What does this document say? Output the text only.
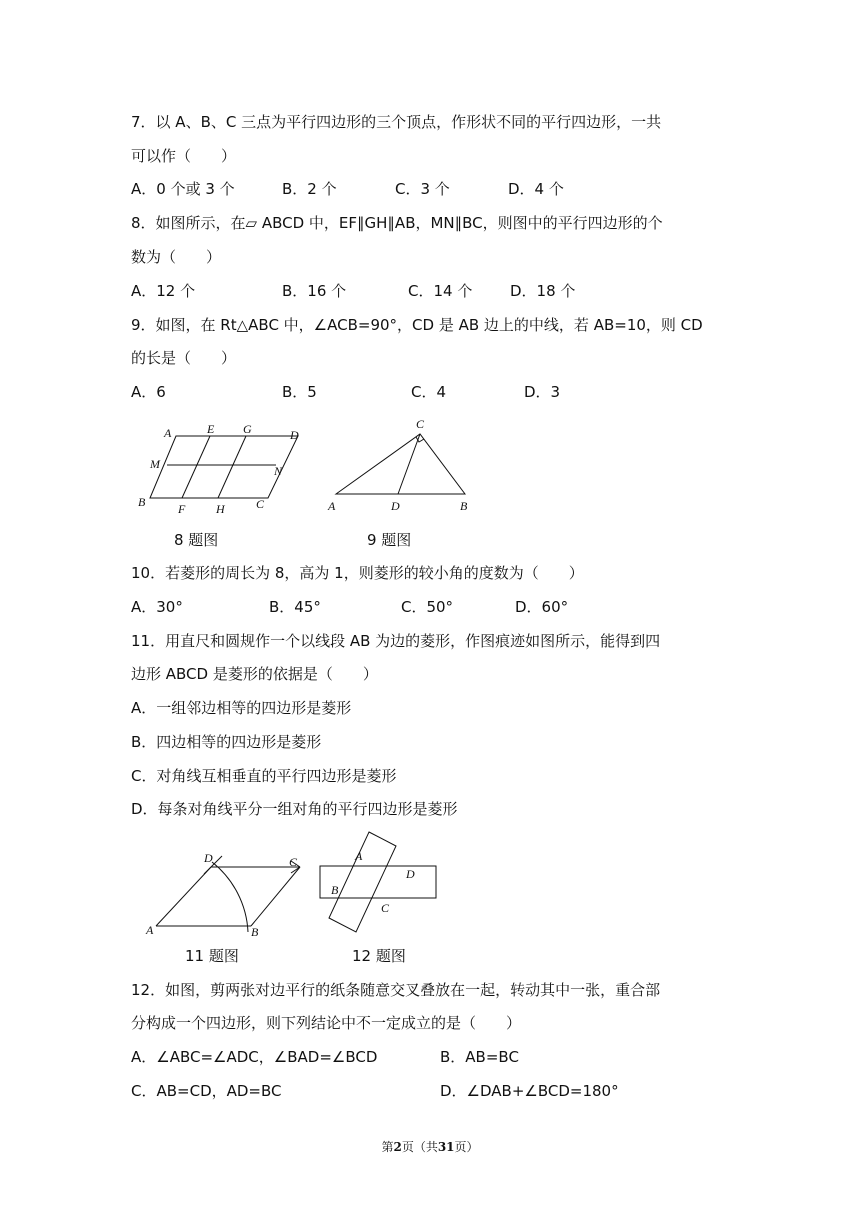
7．以 A、B、C 三点为平行四边形的三个顶点，作形状不同的平行四边形，一共
可以作（　　）
A．0 个或 3 个	B．2 个	C．3 个	D．4 个
8．如图所示，在▱ ABCD 中，EF∥GH∥AB，MN∥BC，则图中的平行四边形的个
数为（　　）
A．12 个	B．16 个	C．14 个	D．18 个
9．如图，在 Rt△ABC 中，∠ACB=90°，CD 是 AB 边上的中线，若 AB=10，则 CD
的长是（　　）
A．6	B．5	C．4	D．3
A	E G	D
M	N
B	F	H	C
8 题图
C
A	D	B
9 题图
10．若菱形的周长为 8，高为 1，则菱形的较小角的度数为（　　）
A．30°	B．45°	C．50°	D．60°
11．用直尺和圆规作一个以线段 AB 为边的菱形，作图痕迹如图所示，能得到四
边形 ABCD 是菱形的依据是（　　）
A．一组邻边相等的四边形是菱形
B．四边相等的四边形是菱形
C．对角线互相垂直的平行四边形是菱形
D．每条对角线平分一组对角的平行四边形是菱形
D	C
A	B
11 题图
A
B
D
C
12 题图
12．如图，剪两张对边平行的纸条随意交叉叠放在一起，转动其中一张，重合部
分构成一个四边形，则下列结论中不一定成立的是（　　）
A．∠ABC=∠ADC，∠BAD=∠BCD	B．AB=BC
C．AB=CD，AD=BC	D．∠DAB+∠BCD=180°
第2页（共31页）
